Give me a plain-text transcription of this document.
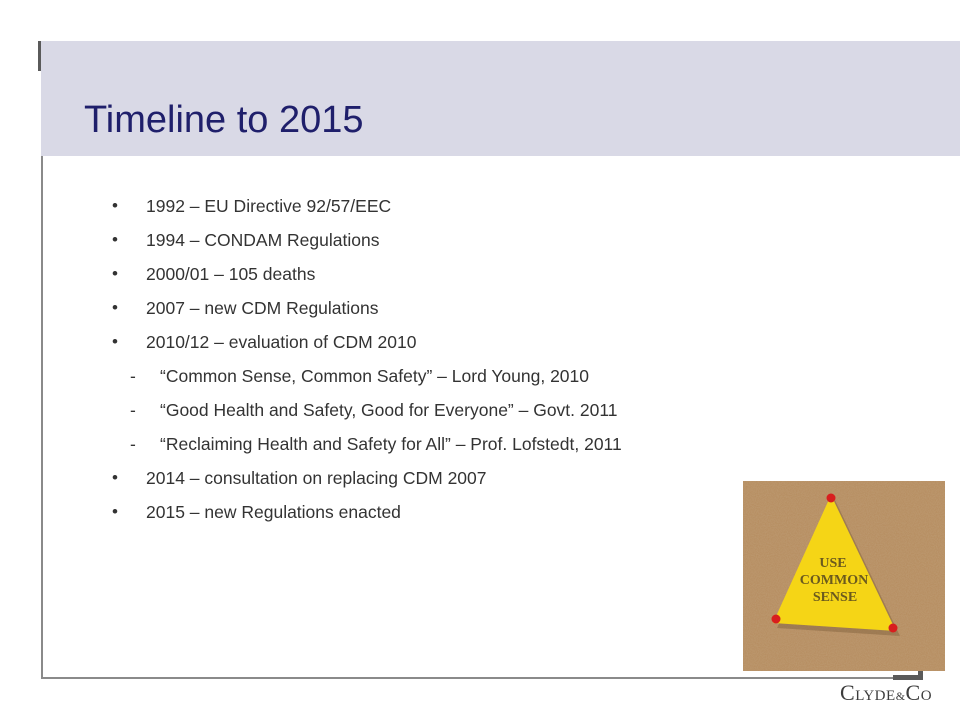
Timeline to 2015
• 1992 – EU Directive 92/57/EEC
• 1994 – CONDAM Regulations
• 2000/01 – 105 deaths
• 2007 – new CDM Regulations
• 2010/12 – evaluation of CDM 2010
- “Common Sense, Common Safety” – Lord Young, 2010
- “Good Health and Safety, Good for Everyone” – Govt. 2011
- “Reclaiming Health and Safety for All” – Prof. Lofstedt, 2011
• 2014 – consultation on replacing CDM 2007
• 2015 – new Regulations enacted
USE
COMMON
SENSE
CLYDE&CO
